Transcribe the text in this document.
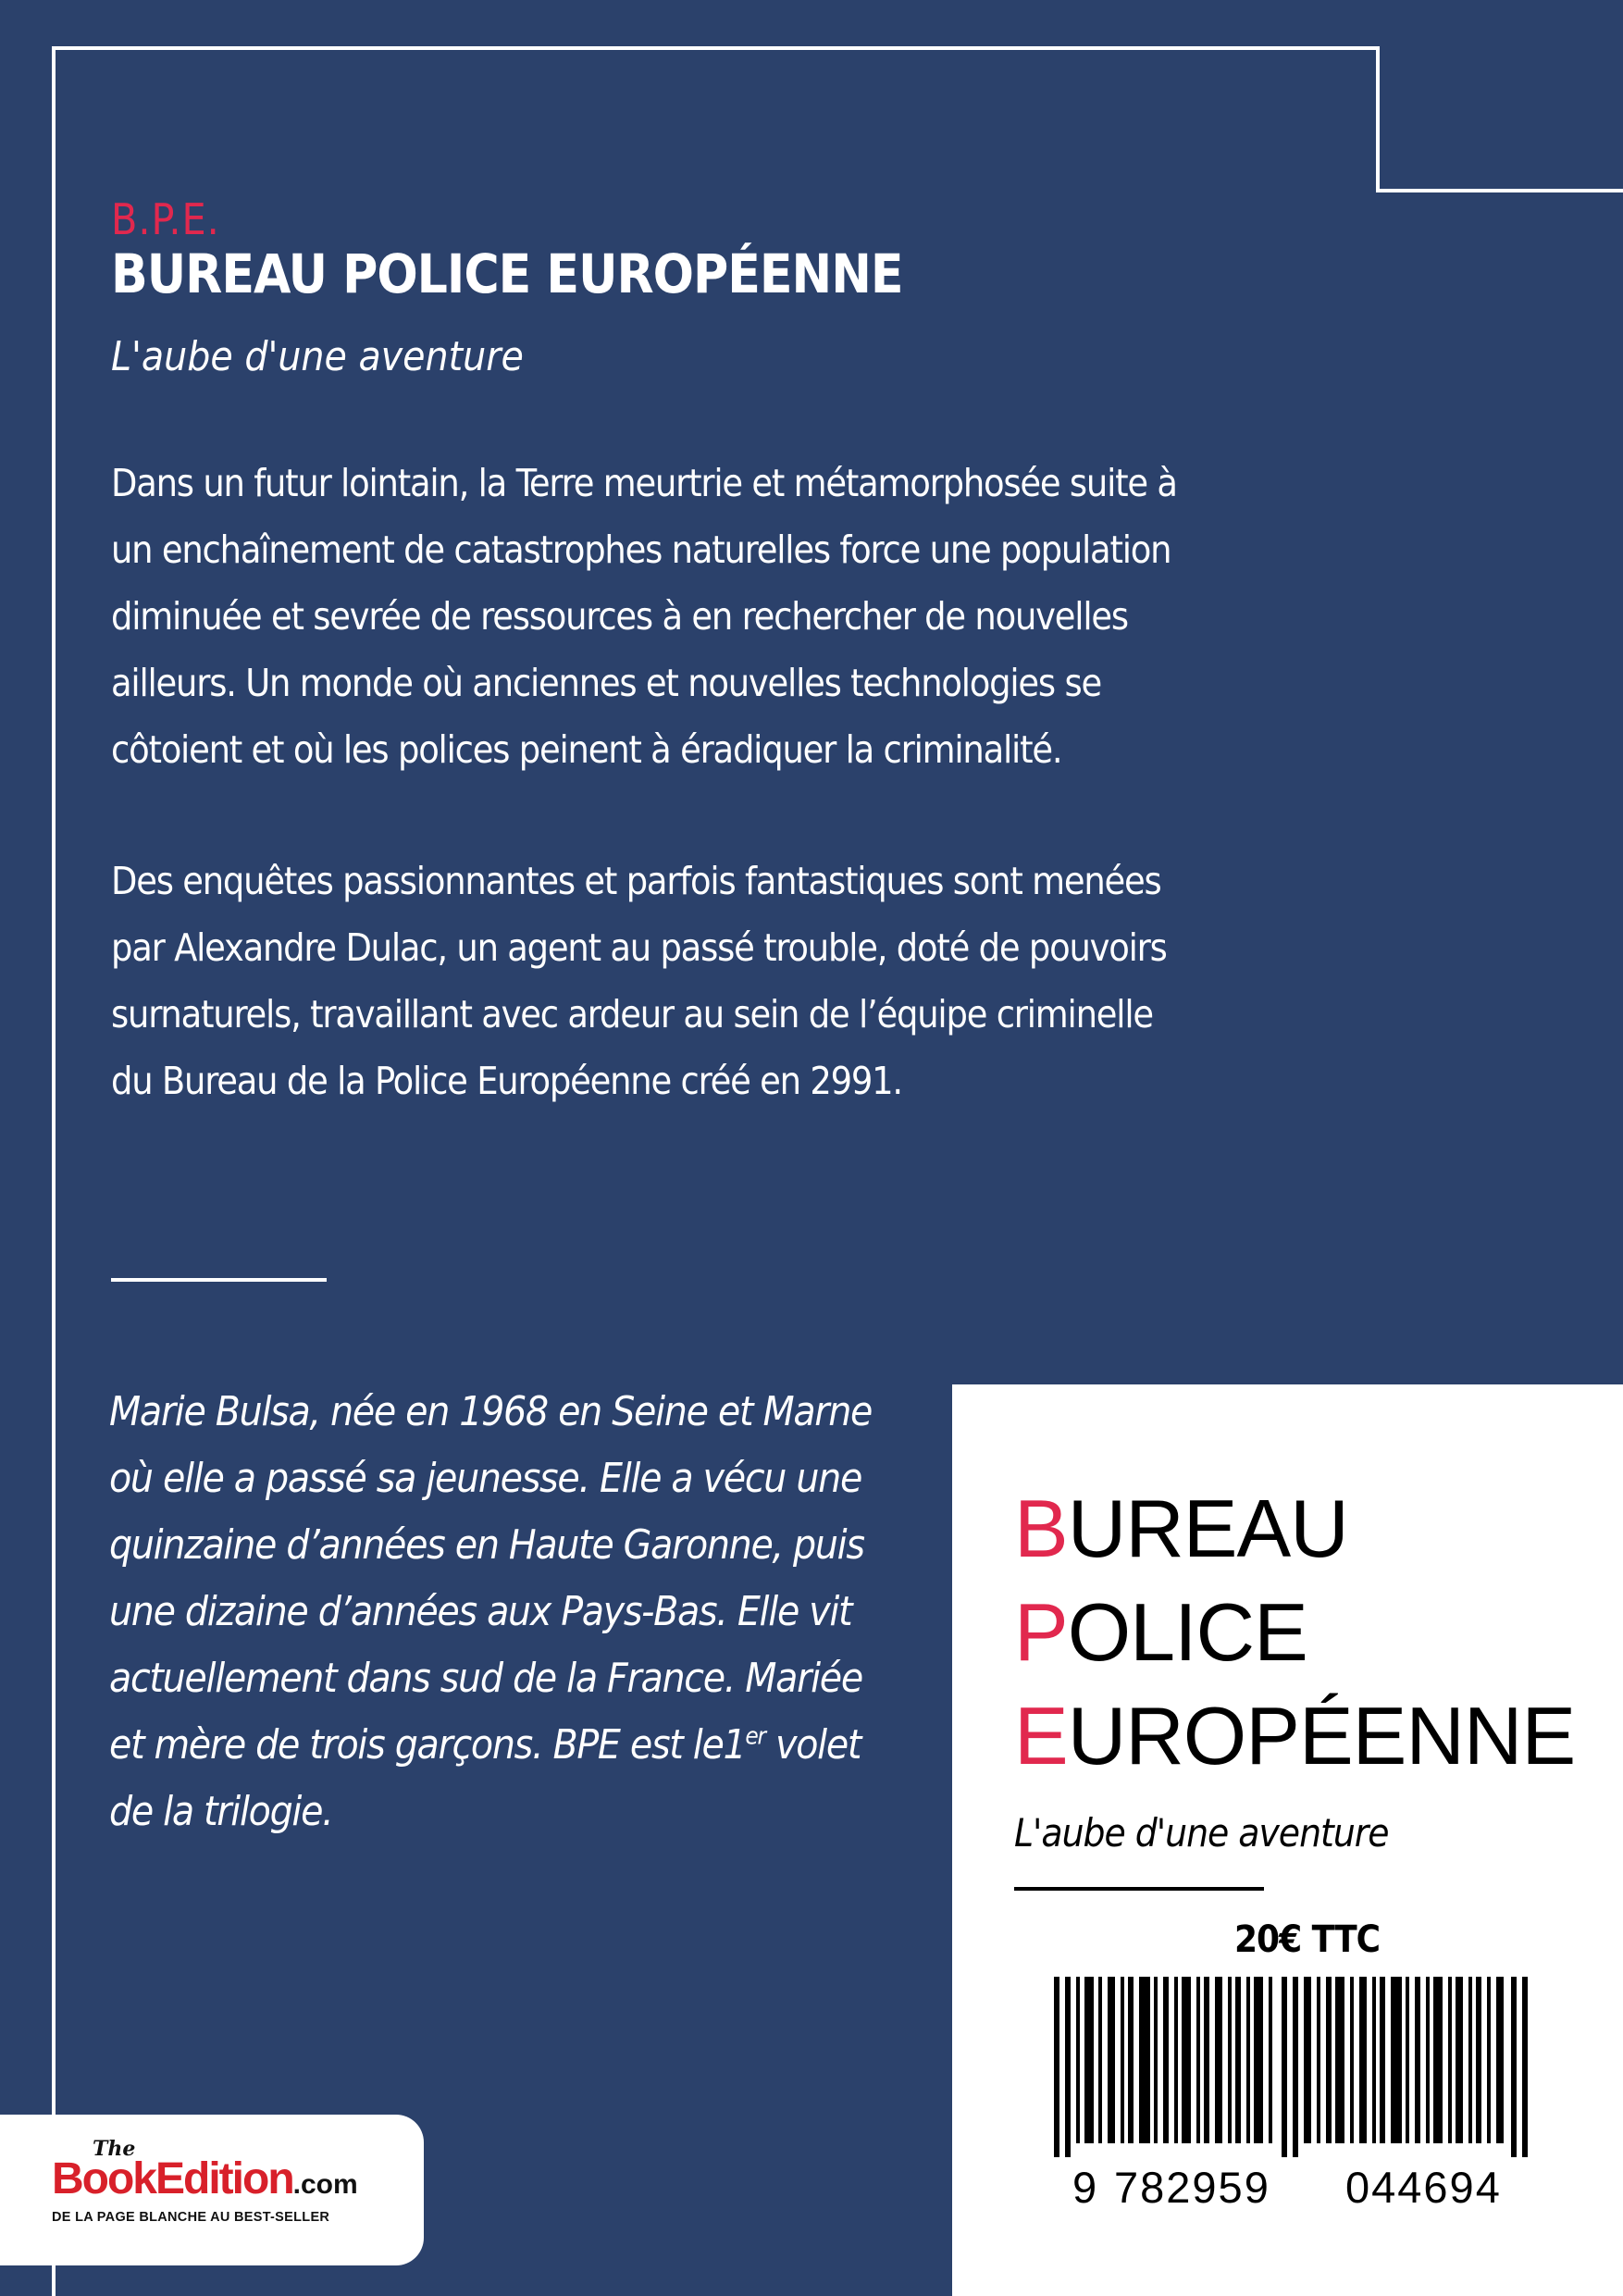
B.P.E.
BUREAU POLICE EUROPÉENNE
L'aube d'une aventure
Dans un futur lointain, la Terre meurtrie et métamorphosée suite à
un enchaînement de catastrophes naturelles force une population
diminuée et sevrée de ressources à en rechercher de nouvelles
ailleurs. Un monde où anciennes et nouvelles technologies se
côtoient et où les polices peinent à éradiquer la criminalité.
Des enquêtes passionnantes et parfois fantastiques sont menées
par Alexandre Dulac, un agent au passé trouble, doté de pouvoirs
surnaturels, travaillant avec ardeur au sein de l’équipe criminelle
du Bureau de la Police Européenne créé en 2991.
Marie Bulsa, née en 1968 en Seine et Marne
où elle a passé sa jeunesse. Elle a vécu une
quinzaine d’années en Haute Garonne, puis
une dizaine d’années aux Pays-Bas. Elle vit
actuellement dans sud de la France. Mariée
et mère de trois garçons. BPE est le1er volet
de la trilogie.
BUREAU
POLICE
EUROPÉENNE
L'aube d'une aventure
20€ TTC
9 782959 044694
The
BookEdition.com
DE LA PAGE BLANCHE AU BEST-SELLER
